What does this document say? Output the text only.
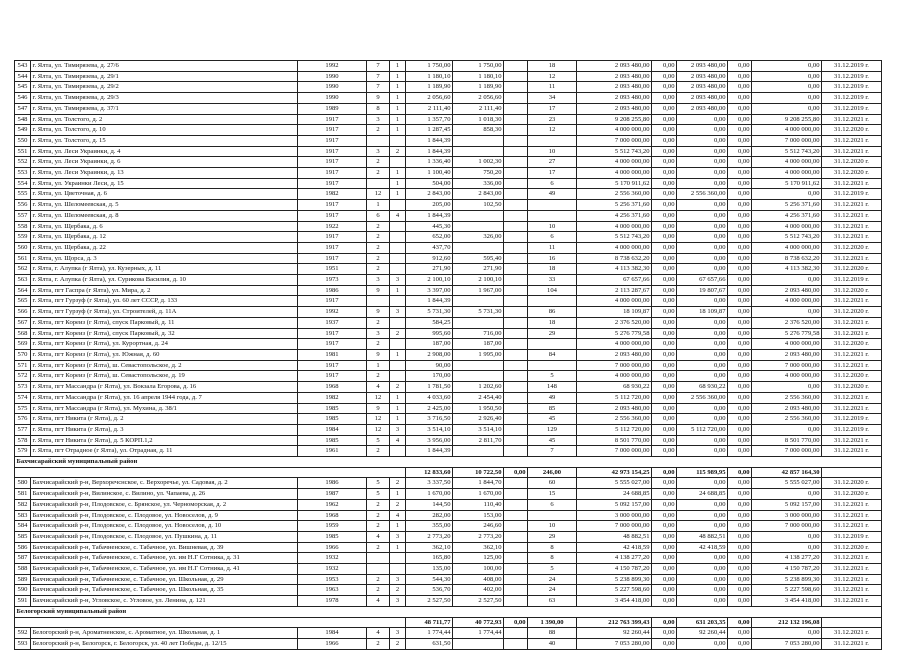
543	г. Ялта, ул. Тимирязева, д. 27/6	1992	7	1	1 750,00	1 750,00		18	2 093 480,00	0,00	2 093 480,00	0,00	0,00	31.12.2019 г.
544	г. Ялта, ул. Тимирязева, д. 29/1	1990	7	1	1 180,10	1 180,10		12	2 093 480,00	0,00	2 093 480,00	0,00	0,00	31.12.2019 г.
545	г. Ялта, ул. Тимирязева, д. 29/2	1990	7	1	1 189,90	1 189,90		11	2 093 480,00	0,00	2 093 480,00	0,00	0,00	31.12.2019 г.
546	г. Ялта, ул. Тимирязева, д. 29/3	1990	9	1	2 056,60	2 056,60		34	2 093 480,00	0,00	2 093 480,00	0,00	0,00	31.12.2019 г.
547	г. Ялта, ул. Тимирязева, д. 37/1	1989	8	1	2 111,40	2 111,40		17	2 093 480,00	0,00	2 093 480,00	0,00	0,00	31.12.2019 г.
548	г. Ялта, ул. Толстого, д. 2	1917	3	1	1 357,70	1 018,30		23	9 208 255,80	0,00	0,00	0,00	9 208 255,80	31.12.2021 г.
549	г. Ялта, ул. Толстого, д. 10	1917	2	1	1 287,45	858,30		12	4 000 000,00	0,00	0,00	0,00	4 000 000,00	31.12.2020 г.
550	г. Ялта, ул. Толстого, д. 15	1917			1 844,39				7 000 000,00	0,00	0,00	0,00	7 000 000,00	31.12.2021 г.
551	г. Ялта, ул. Леси Украинки, д. 4	1917	3	2	1 844,39			10	5 512 743,20	0,00	0,00	0,00	5 512 743,20	31.12.2021 г.
552	г. Ялта, ул. Леси Украинки, д. 6	1917	2		1 336,40	1 002,30		27	4 000 000,00	0,00	0,00	0,00	4 000 000,00	31.12.2020 г.
553	г. Ялта, ул. Леси Украинки, д. 13	1917	2	1	1 100,40	750,20		17	4 000 000,00	0,00	0,00	0,00	4 000 000,00	31.12.2020 г.
554	г. Ялта, ул. Украинки Леси, д. 15	1917		1	504,00	336,00		6	5 170 911,62	0,00	0,00	0,00	5 170 911,62	31.12.2021 г.
555	г. Ялта, ул. Цветочная, д. 6	1982	12	1	2 843,00	2 843,00		49	2 556 360,00	0,00	2 556 360,00	0,00	0,00	31.12.2019 г.
556	г. Ялта, ул. Шеломеевская, д. 5	1917	1		205,00	102,50			5 256 371,60	0,00	0,00	0,00	5 256 371,60	31.12.2021 г.
557	г. Ялта, ул. Шеломеевская, д. 8	1917	6	4	1 844,39				4 256 371,60	0,00	0,00	0,00	4 256 371,60	31.12.2021 г.
558	г. Ялта, ул. Щербака, д. 6	1922	2		445,30			10	4 000 000,00	0,00	0,00	0,00	4 000 000,00	31.12.2021 г.
559	г. Ялта, ул. Щербака, д. 12	1917	2		652,00	326,00		6	5 512 743,20	0,00	0,00	0,00	5 512 743,20	31.12.2021 г.
560	г. Ялта, ул. Щербака, д. 22	1917	2		437,70			11	4 000 000,00	0,00	0,00	0,00	4 000 000,00	31.12.2020 г.
561	г. Ялта, ул. Щорса, д. 3	1917	2		912,60	595,40		16	8 738 632,20	0,00	0,00	0,00	8 738 632,20	31.12.2021 г.
562	г. Ялта, г. Алупка (г Ялта), ул. Кузерных, д. 11	1951	2		271,90	271,90		18	4 113 382,30	0,00	0,00	0,00	4 113 382,30	31.12.2020 г.
563	г. Ялта, г. Алупка (г Ялта), ул. Сурикова Василия, д. 10	1973	3	3	2 100,10	2 100,10		33	67 657,66	0,00	67 657,66	0,00	0,00	31.12.2019 г.
564	г. Ялта, пгт Гаспра (г Ялта), ул. Мира, д. 2	1986	9	1	3 397,00	1 967,00		104	2 113 287,67	0,00	19 807,67	0,00	2 093 480,00	31.12.2020 г.
565	г. Ялта, пгт Гурзуф (г Ялта), ул. 60 лет СССР, д. 133	1917			1 844,39				4 000 000,00	0,00	0,00	0,00	4 000 000,00	31.12.2021 г.
566	г. Ялта, пгт Гурзуф (г Ялта), ул. Строителей, д. 11А	1992	9	3	5 731,30	5 731,30		86	18 109,87	0,00	18 109,87	0,00	0,00	31.12.2020 г.
567	г. Ялта, пгт Кореиз (г Ялта), спуск Парковый, д. 11	1937	2		584,25			18	2 376 520,00	0,00	0,00	0,00	2 376 520,00	31.12.2021 г.
568	г. Ялта, пгт Кореиз (г Ялта), спуск Парковый, д. 32	1917	3	2	995,60	716,00		29	5 276 779,58	0,00	0,00	0,00	5 276 779,58	31.12.2021 г.
569	г. Ялта, пгт Кореиз (г Ялта), ул. Курортная, д. 24	1917	2		187,00	187,00			4 000 000,00	0,00	0,00	0,00	4 000 000,00	31.12.2020 г.
570	г. Ялта, пгт Кореиз (г Ялта), ул. Южная, д. 60	1981	9	1	2 908,00	1 995,00		84	2 093 480,00	0,00	0,00	0,00	2 093 480,00	31.12.2021 г.
571	г. Ялта, пгт Кореиз (г Ялта), ш. Севастопольское, д. 2	1917	1		90,00				7 000 000,00	0,00	0,00	0,00	7 000 000,00	31.12.2021 г.
572	г. Ялта, пгт Кореиз (г Ялта), ш. Севастопольское, д. 19	1917	2		170,00			5	4 000 000,00	0,00	0,00	0,00	4 000 000,00	31.12.2020 г.
573	г. Ялта, пгт Массандра (г Ялта), ул. Вокзала Егорова, д. 16	1968	4	2	1 781,50	1 202,60		148	68 930,22	0,00	68 930,22	0,00	0,00	31.12.2020 г.
574	г. Ялта, пгт Массандра (г Ялта), ул. 16 апреля 1944 года, д. 7	1982	12	1	4 033,60	2 454,40		49	5 112 720,00	0,00	2 556 360,00	0,00	2 556 360,00	31.12.2021 г.
575	г. Ялта, пгт Массандра (г Ялта), ул. Мухина, д. 38/1	1985	9	1	2 425,00	1 950,50		85	2 093 480,00	0,00	0,00	0,00	2 093 480,00	31.12.2021 г.
576	г. Ялта, пгт Никита (г Ялта), д. 2	1985	12	1	3 716,50	2 926,40		45	2 556 360,00	0,00	0,00	0,00	2 556 360,00	31.12.2019 г.
577	г. Ялта, пгт Никита (г Ялта), д. 3	1984	12	3	3 514,10	3 514,10		129	5 112 720,00	0,00	5 112 720,00	0,00	0,00	31.12.2019 г.
578	г. Ялта, пгт Никита (г Ялта), д. 5 КОРП.1,2	1985	5	4	3 956,00	2 811,70		45	8 501 770,00	0,00	0,00	0,00	8 501 770,00	31.12.2021 г.
579	г. Ялта, пгт Отрадное (г Ялта), ул. Отрадная, д. 11	1961	2		1 844,39			7	7 000 000,00	0,00	0,00	0,00	7 000 000,00	31.12.2021 г.
Бахчисарайский муниципальный район														
					12 833,60	10 722,50	0,00	246,00	42 973 154,25	0,00	115 989,95	0,00	42 857 164,30	
580	Бахчисарайский р-н, Верхоречснское, с. Верхоречье, ул. Садовая, д. 2	1986	5	2	3 337,50	1 844,70		60	5 555 027,00	0,00	0,00	0,00	5 555 027,00	31.12.2020 г.
581	Бахчисарайский р-н, Вилинское, с. Вилино, ул. Чапаева, д. 26	1987	5	1	1 670,00	1 670,00		15	24 688,85	0,00	24 688,85	0,00	0,00	31.12.2020 г.
582	Бахчисарайский р-н, Плодовское, с. Брянское, ул. Черноморская, д. 2	1962	2	2	144,50	110,40		6	5 092 157,00	0,00	0,00	0,00	5 092 157,00	31.12.2021 г.
583	Бахчисарайский р-н, Плодовское, с. Плодовое, ул. Новоселов, д. 9	1968	2	4	282,00	153,00			3 000 000,00	0,00	0,00	0,00	3 000 000,00	31.12.2021 г.
584	Бахчисарайский р-н, Плодовское, с. Плодовое, ул. Новоселов, д. 10	1959	2	1	355,00	246,60		10	7 000 000,00	0,00	0,00	0,00	7 000 000,00	31.12.2021 г.
585	Бахчисарайский р-н, Плодовское, с. Плодовое, ул. Пушкина, д. 11	1985	4	3	2 773,20	2 773,20		29	48 882,51	0,00	48 882,51	0,00	0,00	31.12.2019 г.
586	Бахчисарайский р-н, Табачненское, с. Табачное, ул. Вишневая, д. 39	1966	2	1	362,10	362,10		8	42 418,59	0,00	42 418,59	0,00	0,00	31.12.2020 г.
587	Бахчисарайский р-н, Табачненское, с. Табачное, ул. им Н.Г Сотника, д. 31	1932			165,80	125,00		8	4 138 277,20	0,00	0,00	0,00	4 138 277,20	31.12.2021 г.
588	Бахчисарайский р-н, Табачненское, с. Табачное, ул. им Н.Г Сотника, д. 41	1932			135,00	100,00		5	4 150 787,20	0,00	0,00	0,00	4 150 787,20	31.12.2021 г.
589	Бахчисарайский р-н, Табачненское, с. Табачное, ул. Школьная, д. 29	1953	2	3	544,30	408,00		24	5 238 899,30	0,00	0,00	0,00	5 238 899,30	31.12.2021 г.
590	Бахчисарайский р-н, Табачненское, с. Табачное, ул. Школьная, д. 35	1963	2	2	536,70	402,00		24	5 227 598,60	0,00	0,00	0,00	5 227 598,60	31.12.2021 г.
591	Бахчисарайский р-н, Угловское, с. Угловое, ул. Ленина, д. 121	1978	4	3	2 527,50	2 527,50		63	3 454 418,00	0,00	0,00	0,00	3 454 418,00	31.12.2021 г.
Белогорский муниципальный район														
					48 711,77	40 772,93	0,00	1 390,00	212 763 399,43	0,00	631 203,35	0,00	212 132 196,08	
592	Белогорский р-н, Ароматненское, с. Ароматное, ул. Школьная, д. 1	1984	4	3	1 774,44	1 774,44		88	92 260,44	0,00	92 260,44	0,00	0,00	31.12.2021 г.
593	Белогорский р-н, Белогорск, г. Белогорск, ул. 40 лет Победы, д. 12/15	1966	2	2	631,50			40	7 053 280,00	0,00	0,00	0,00	7 053 280,00	31.12.2021 г.
